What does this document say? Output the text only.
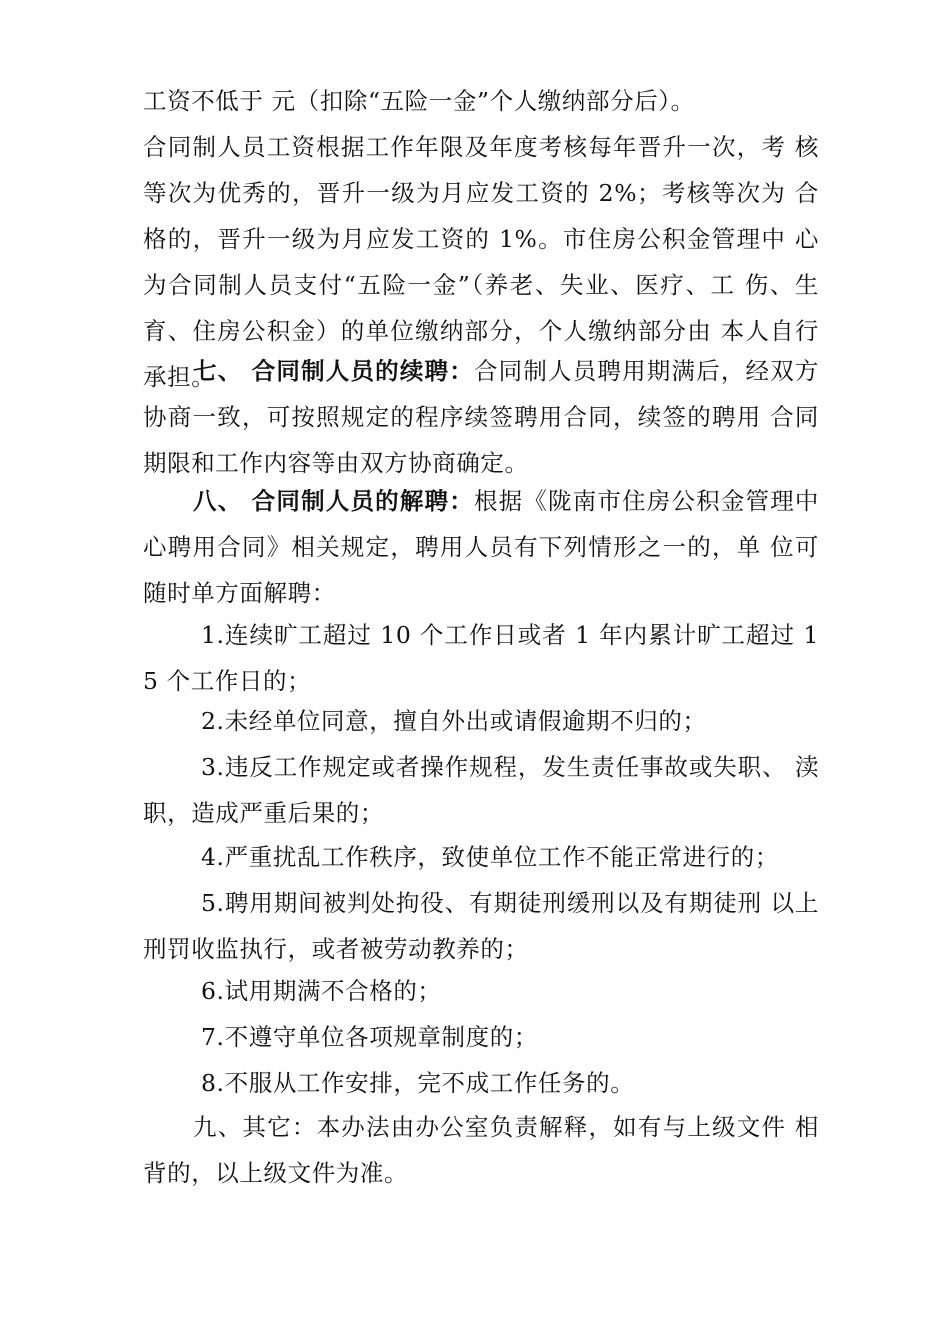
工资不低于 元（扣除“五险一金”个人缴纳部分后）。

合同制人员工资根据工作年限及年度考核每年晋升一次，考 核等次为优秀的，晋升一级为月应发工资的 2%；考核等次为 合格的，晋升一级为月应发工资的 1%。市住房公积金管理中 心为合同制人员支付“五险一金”（养老、失业、医疗、工 伤、生育、住房公积金）的单位缴纳部分，个人缴纳部分由 本人自行承担。

七、 合同制人员的续聘：合同制人员聘用期满后，经双方协商一致，可按照规定的程序续签聘用合同，续签的聘用 合同期限和工作内容等由双方协商确定。

八、 合同制人员的解聘：根据《陇南市住房公积金管理中心聘用合同》相关规定，聘用人员有下列情形之一的，单 位可随时单方面解聘：

1.连续旷工超过 10 个工作日或者 1 年内累计旷工超过 15 个工作日的；

2.未经单位同意，擅自外出或请假逾期不归的；

3.违反工作规定或者操作规程，发生责任事故或失职、 渎职，造成严重后果的；

4.严重扰乱工作秩序，致使单位工作不能正常进行的；

5.聘用期间被判处拘役、有期徒刑缓刑以及有期徒刑 以上刑罚收监执行，或者被劳动教养的；

6.试用期满不合格的；

7.不遵守单位各项规章制度的；

8.不服从工作安排，完不成工作任务的。

九、其它：本办法由办公室负责解释，如有与上级文件 相背的，以上级文件为准。
